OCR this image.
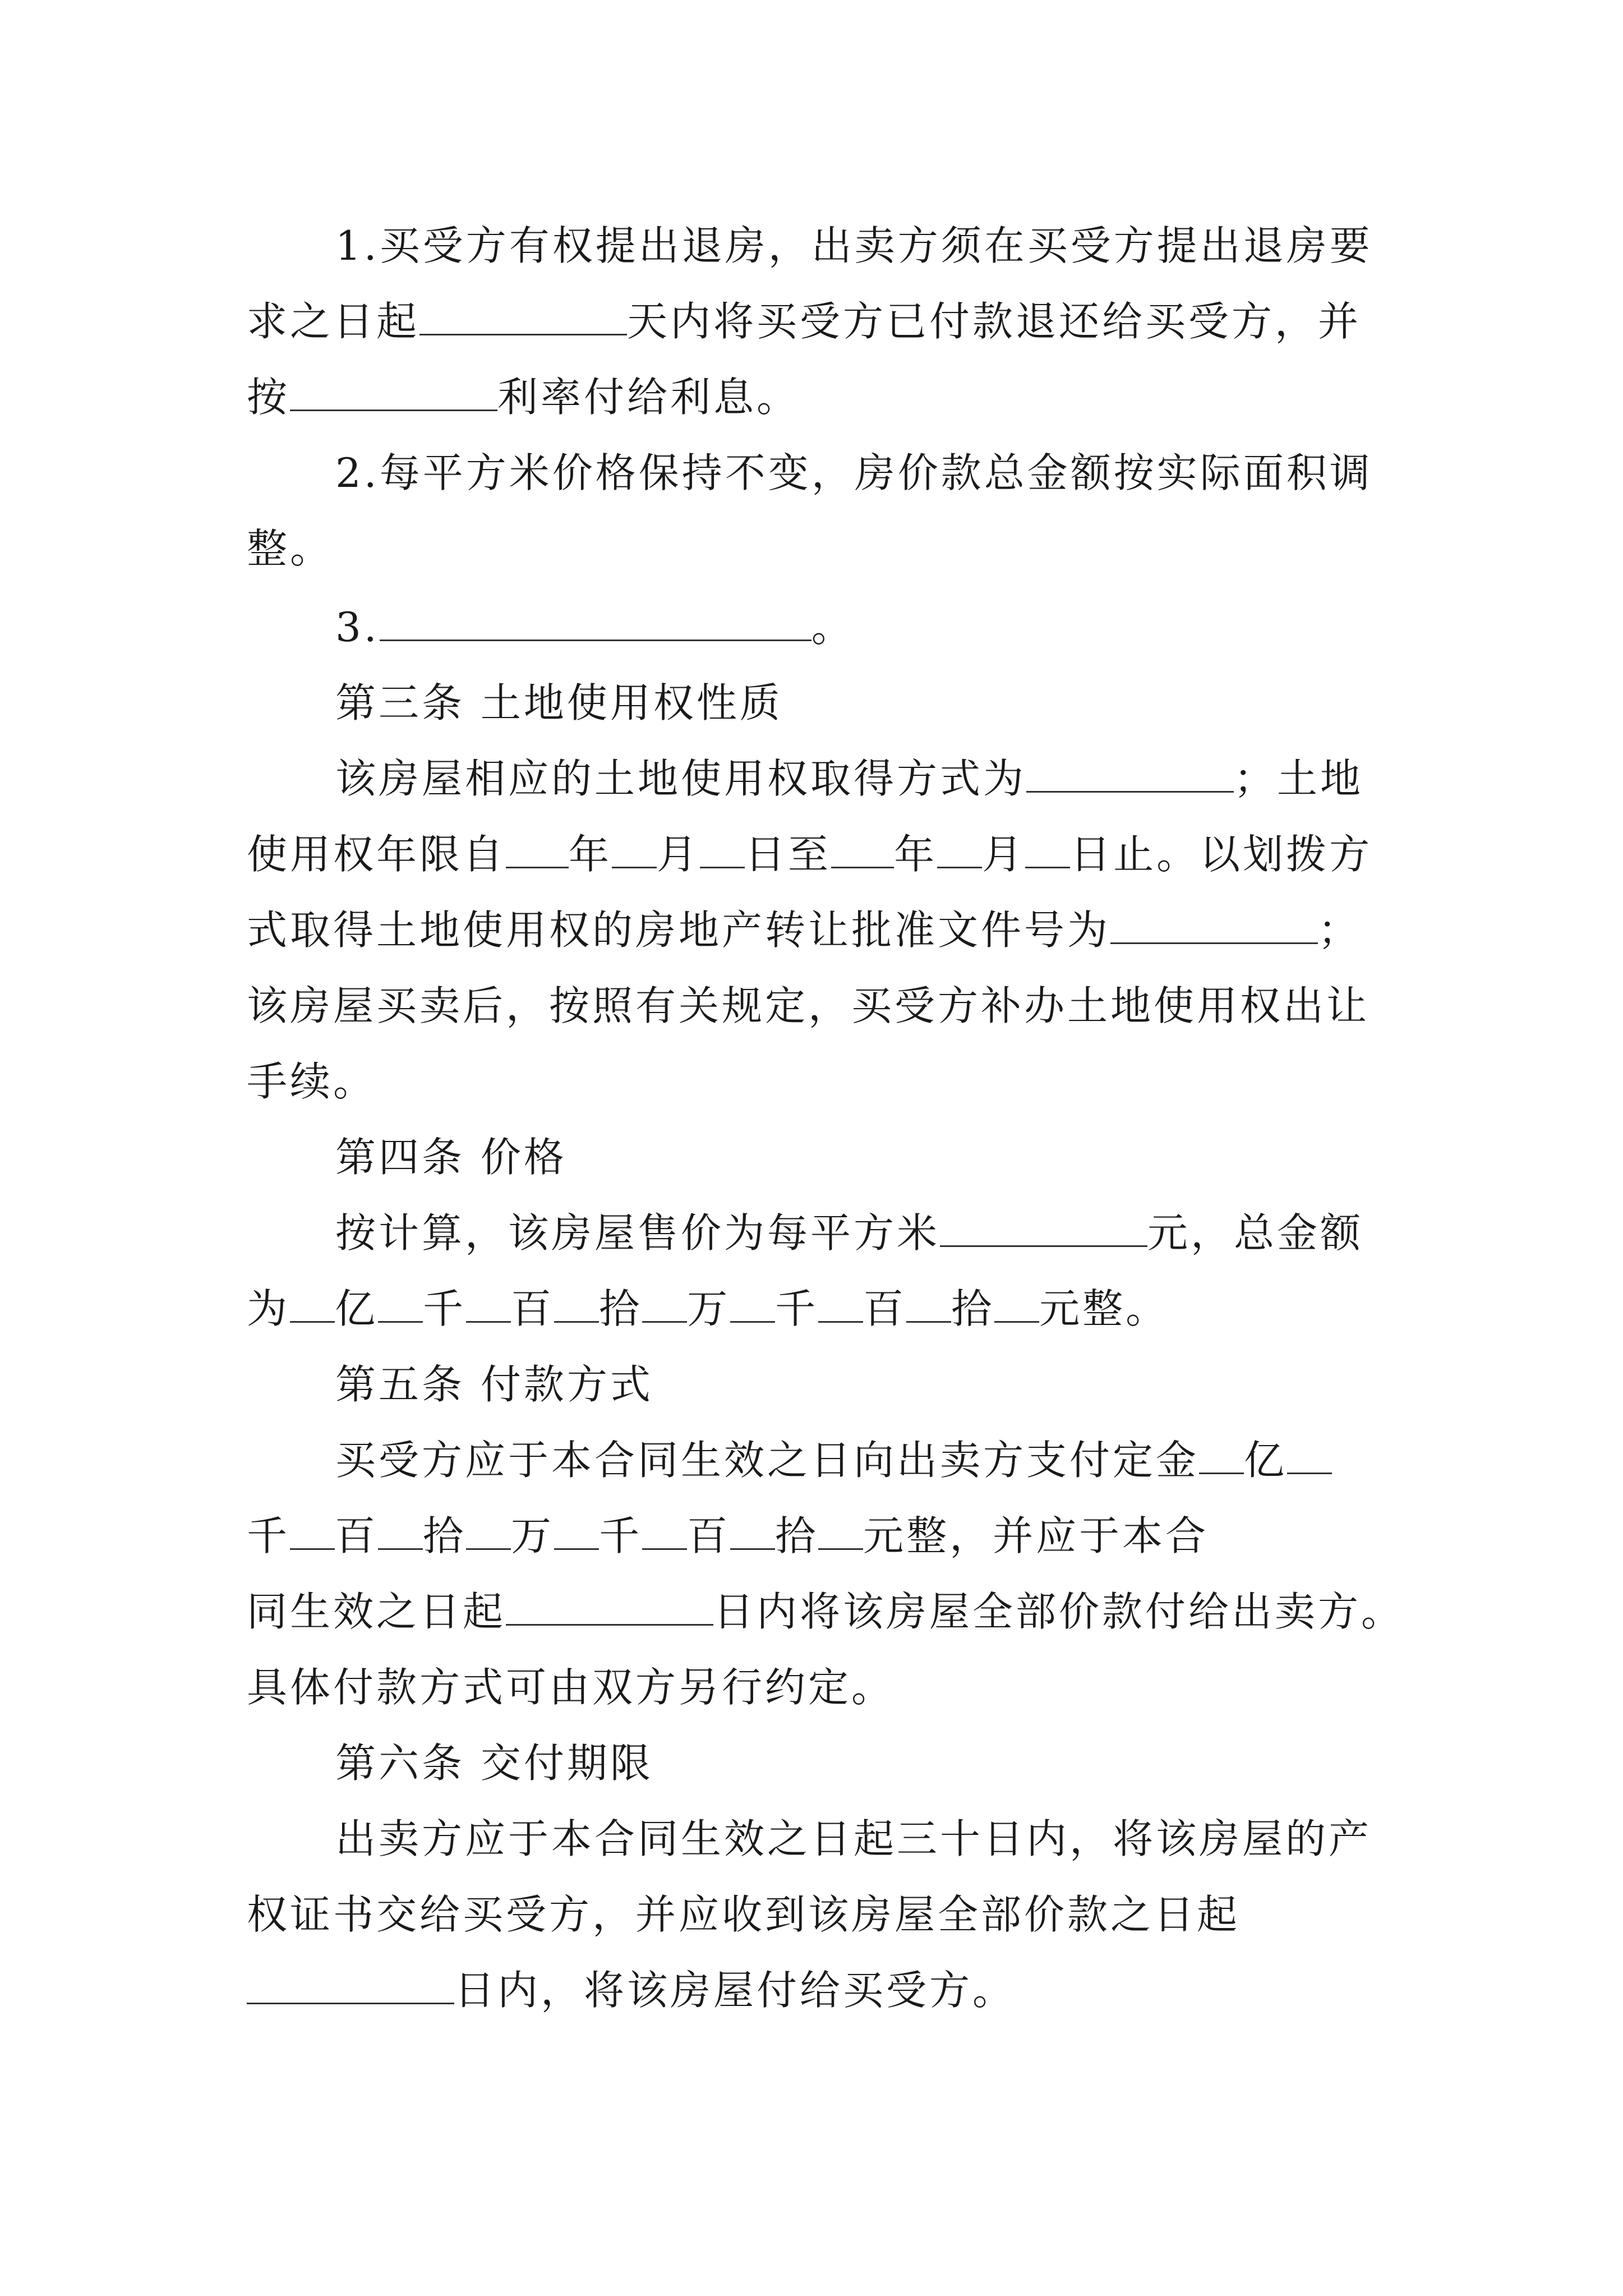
1.买受方有权提出退房，出卖方须在买受方提出退房要
求之日起	天内将买受方已付款退还给买受方，并
按	利率付给利息。
2.每平方米价格保持不变，房价款总金额按实际面积调
整。
3.	。
第三条 土地使用权性质
该房屋相应的土地使用权取得方式为	；土地
使用权年限自 年 月 日至 年 月 日止。以划拨方
式取得土地使用权的房地产转让批准文件号为	；
该房屋买卖后，按照有关规定，买受方补办土地使用权出让
手续。
第四条 价格
按计算，该房屋售价为每平方米	元，总金额
为 亿 千 百 拾 万 千 百 拾 元整。
第五条 付款方式
买受方应于本合同生效之日向出卖方支付定金 亿
千 百 拾 万 千 百 拾 元整，并应于本合
同生效之日起	日内将该房屋全部价款付给出卖方。
具体付款方式可由双方另行约定。
第六条 交付期限
出卖方应于本合同生效之日起三十日内，将该房屋的产
权证书交给买受方，并应收到该房屋全部价款之日起
日内，将该房屋付给买受方。
